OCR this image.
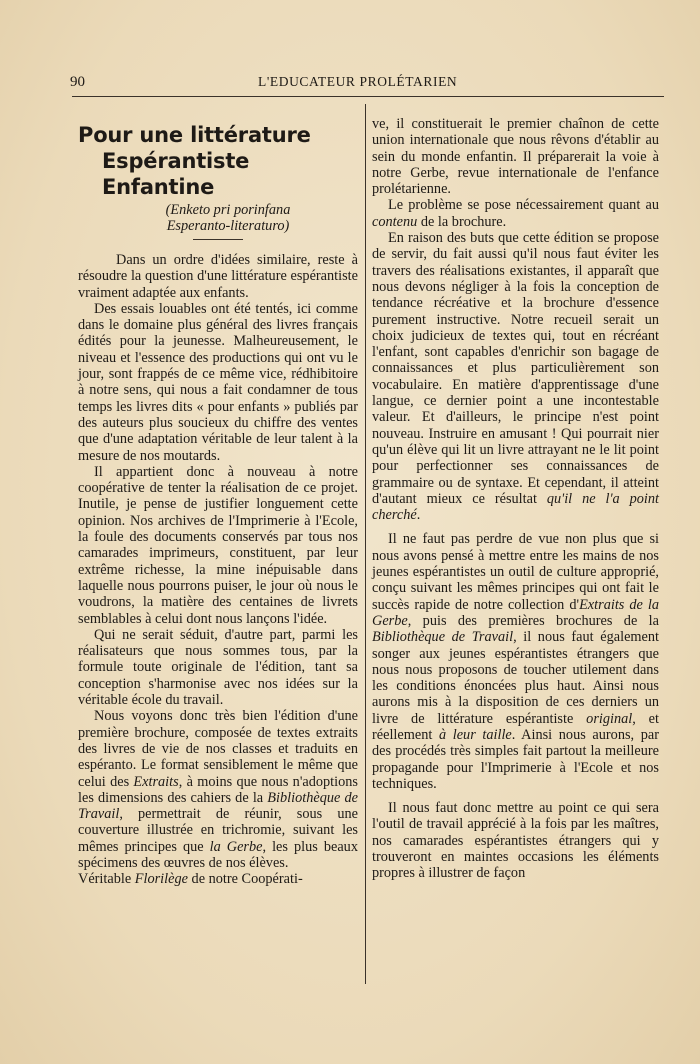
90	L'EDUCATEUR PROLÉTARIEN
Pour une littérature
Espérantiste Enfantine
(Enketo pri porinfana
Esperanto-literaturo)

Dans un ordre d'idées similaire, reste à résoudre la question d'une littérature espérantiste vraiment adaptée aux enfants.

Des essais louables ont été tentés, ici comme dans le domaine plus général des livres français édités pour la jeunesse. Malheureusement, le niveau et l'essence des productions qui ont vu le jour, sont frappés de ce même vice, rédhibitoire à notre sens, qui nous a fait condamner de tous temps les livres dits « pour enfants » publiés par des auteurs plus soucieux du chiffre des ventes que d'une adaptation véritable de leur talent à la mesure de nos moutards.

Il appartient donc à nouveau à notre coopérative de tenter la réalisation de ce projet. Inutile, je pense de justifier longuement cette opinion. Nos archives de l'Imprimerie à l'Ecole, la foule des documents conservés par tous nos camarades imprimeurs, constituent, par leur extrême richesse, la mine inépuisable dans laquelle nous pourrons puiser, le jour où nous le voudrons, la matière des centaines de livrets semblables à celui dont nous lançons l'idée.

Qui ne serait séduit, d'autre part, parmi les réalisateurs que nous sommes tous, par la formule toute originale de l'édition, tant sa conception s'harmonise avec nos idées sur la véritable école du travail.

Nous voyons donc très bien l'édition d'une première brochure, composée de textes extraits des livres de vie de nos classes et traduits en espéranto. Le format sensiblement le même que celui des Extraits, à moins que nous n'adoptions les dimensions des cahiers de la Bibliothèque de Travail, permettrait de réunir, sous une couverture illustrée en trichromie, suivant les mêmes principes que la Gerbe, les plus beaux spécimens des œuvres de nos élèves.

Véritable Florilège de notre Coopérati-

ve, il constituerait le premier chaînon de cette union internationale que nous rêvons d'établir au sein du monde enfantin. Il préparerait la voie à notre Gerbe, revue internationale de l'enfance prolétarienne.

Le problème se pose nécessairement quant au contenu de la brochure.

En raison des buts que cette édition se propose de servir, du fait aussi qu'il nous faut éviter les travers des réalisations existantes, il apparaît que nous devons négliger à la fois la conception de tendance récréative et la brochure d'essence purement instructive. Notre recueil serait un choix judicieux de textes qui, tout en récréant l'enfant, sont capables d'enrichir son bagage de connaissances et plus particulièrement son vocabulaire. En matière d'apprentissage d'une langue, ce dernier point a une incontestable valeur. Et d'ailleurs, le principe n'est point nouveau. Instruire en amusant ! Qui pourrait nier qu'un élève qui lit un livre attrayant ne le lit point pour perfectionner ses connaissances de grammaire ou de syntaxe. Et cependant, il atteint d'autant mieux ce résultat qu'il ne l'a point cherché.

Il ne faut pas perdre de vue non plus que si nous avons pensé à mettre entre les mains de nos jeunes espérantistes un outil de culture approprié, conçu suivant les mêmes principes qui ont fait le succès rapide de notre collection d'Extraits de la Gerbe, puis des premières brochures de la Bibliothèque de Travail, il nous faut également songer aux jeunes espérantistes étrangers que nous nous proposons de toucher utilement dans les conditions énoncées plus haut. Ainsi nous aurons mis à la disposition de ces derniers un livre de littérature espérantiste original, et réellement à leur taille. Ainsi nous aurons, par des procédés très simples fait partout la meilleure propagande pour l'Imprimerie à l'Ecole et nos techniques.

Il nous faut donc mettre au point ce qui sera l'outil de travail apprécié à la fois par les maîtres, nos camarades espérantistes étrangers qui y trouveront en maintes occasions les éléments propres à illustrer de façon
